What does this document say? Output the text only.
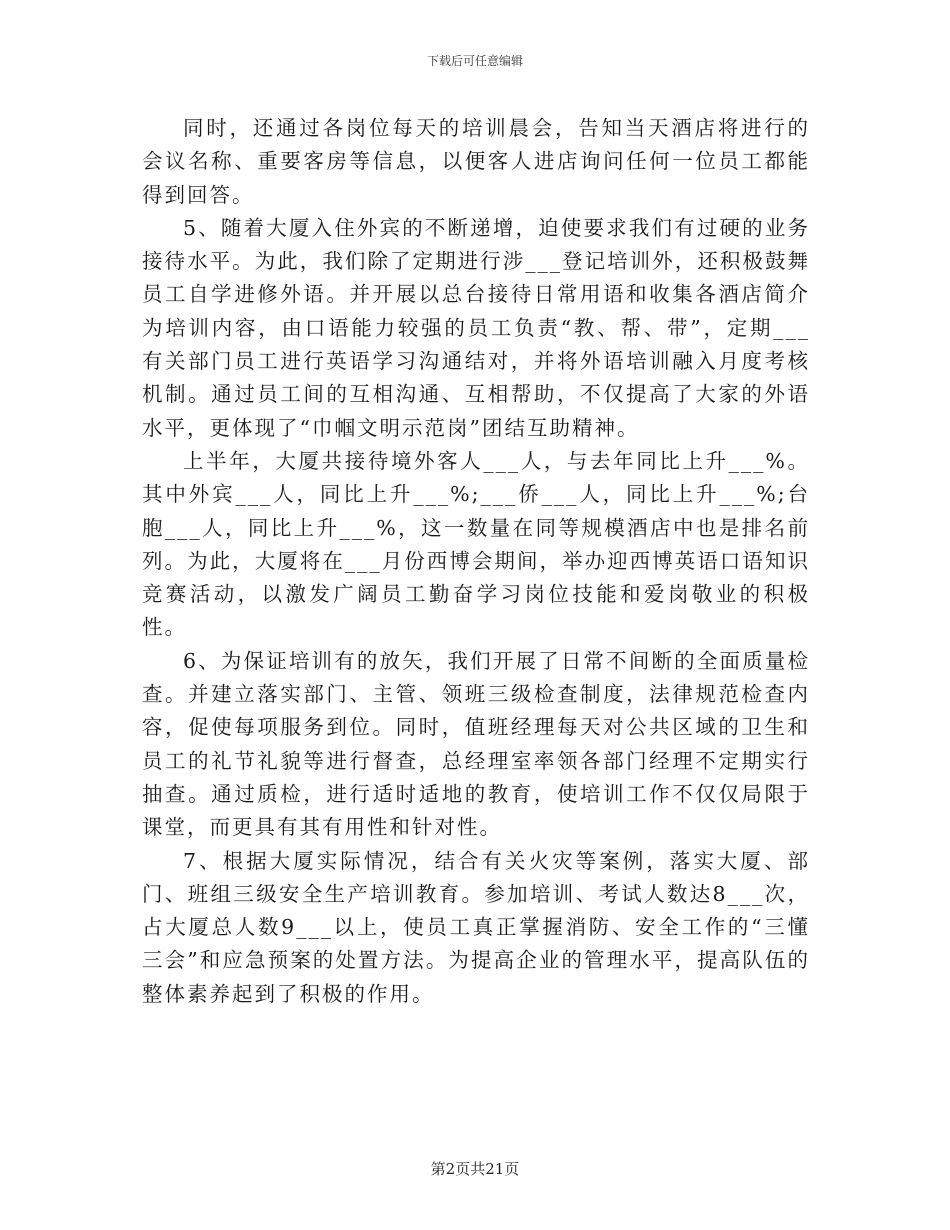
下载后可任意编辑

同时，还通过各岗位每天的培训晨会，告知当天酒店将进行的会议名称、重要客房等信息，以便客人进店询问任何一位员工都能得到回答。

5、随着大厦入住外宾的不断递增，迫使要求我们有过硬的业务接待水平。为此，我们除了定期进行涉___登记培训外，还积极鼓舞员工自学进修外语。并开展以总台接待日常用语和收集各酒店简介为培训内容，由口语能力较强的员工负责“教、帮、带”，定期___有关部门员工进行英语学习沟通结对，并将外语培训融入月度考核机制。通过员工间的互相沟通、互相帮助，不仅提高了大家的外语水平，更体现了“巾帼文明示范岗”团结互助精神。

上半年，大厦共接待境外客人___人，与去年同比上升___%。其中外宾___人，同比上升___%;___侨___人，同比上升___%;台胞___人，同比上升___%，这一数量在同等规模酒店中也是排名前列。为此，大厦将在___月份西博会期间，举办迎西博英语口语知识竞赛活动，以激发广阔员工勤奋学习岗位技能和爱岗敬业的积极性。

6、为保证培训有的放矢，我们开展了日常不间断的全面质量检查。并建立落实部门、主管、领班三级检查制度，法律规范检查内容，促使每项服务到位。同时，值班经理每天对公共区域的卫生和员工的礼节礼貌等进行督查，总经理室率领各部门经理不定期实行抽查。通过质检，进行适时适地的教育，使培训工作不仅仅局限于课堂，而更具有其有用性和针对性。

7、根据大厦实际情况，结合有关火灾等案例，落实大厦、部门、班组三级安全生产培训教育。参加培训、考试人数达8___次，占大厦总人数9___以上，使员工真正掌握消防、安全工作的“三懂三会”和应急预案的处置方法。为提高企业的管理水平，提高队伍的整体素养起到了积极的作用。

第2页共21页
